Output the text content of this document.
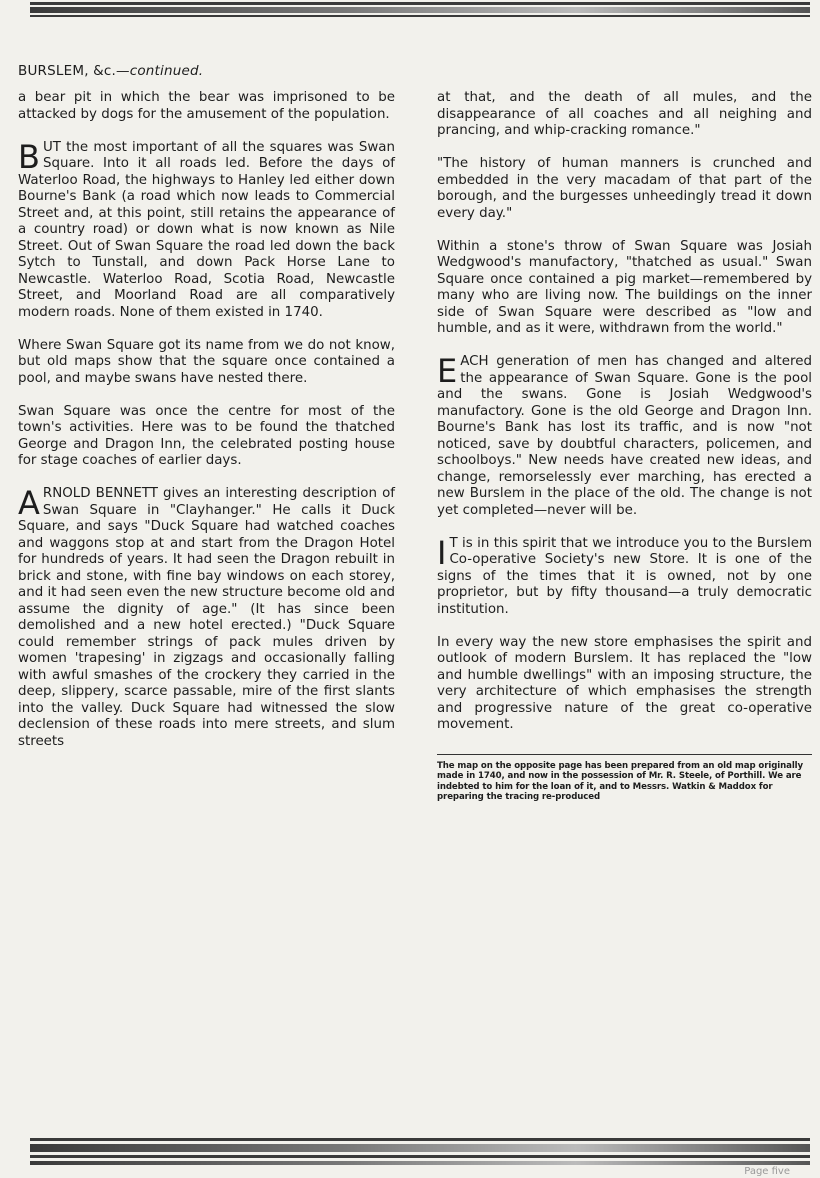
BURSLEM, &c.—continued.

a bear pit in which the bear was imprisoned to be attacked by dogs for the amusement of the population.

BUT the most important of all the squares was Swan Square. Into it all roads led. Before the days of Waterloo Road, the highways to Hanley led either down Bourne's Bank (a road which now leads to Commercial Street and, at this point, still retains the appearance of a country road) or down what is now known as Nile Street. Out of Swan Square the road led down the back Sytch to Tunstall, and down Pack Horse Lane to Newcastle. Waterloo Road, Scotia Road, Newcastle Street, and Moorland Road are all comparatively modern roads. None of them existed in 1740.

Where Swan Square got its name from we do not know, but old maps show that the square once contained a pool, and maybe swans have nested there.

Swan Square was once the centre for most of the town's activities. Here was to be found the thatched George and Dragon Inn, the celebrated posting house for stage coaches of earlier days.

ARNOLD BENNETT gives an interesting description of Swan Square in "Clayhanger." He calls it Duck Square, and says "Duck Square had watched coaches and waggons stop at and start from the Dragon Hotel for hundreds of years. It had seen the Dragon rebuilt in brick and stone, with fine bay windows on each storey, and it had seen even the new structure become old and assume the dignity of age." (It has since been demolished and a new hotel erected.) "Duck Square could remember strings of pack mules driven by women 'trapesing' in zigzags and occasionally falling with awful smashes of the crockery they carried in the deep, slippery, scarce passable, mire of the first slants into the valley. Duck Square had witnessed the slow declension of these roads into mere streets, and slum streets

at that, and the death of all mules, and the disappearance of all coaches and all neighing and prancing, and whip-cracking romance."

"The history of human manners is crunched and embedded in the very macadam of that part of the borough, and the burgesses unheedingly tread it down every day."

Within a stone's throw of Swan Square was Josiah Wedgwood's manufactory, "thatched as usual." Swan Square once contained a pig market—remembered by many who are living now. The buildings on the inner side of Swan Square were described as "low and humble, and as it were, withdrawn from the world."

EACH generation of men has changed and altered the appearance of Swan Square. Gone is the pool and the swans. Gone is Josiah Wedgwood's manufactory. Gone is the old George and Dragon Inn. Bourne's Bank has lost its traffic, and is now "not noticed, save by doubtful characters, policemen, and schoolboys." New needs have created new ideas, and change, remorselessly ever marching, has erected a new Burslem in the place of the old. The change is not yet completed—never will be.

I T is in this spirit that we introduce you to the Burslem Co-operative Society's new Store. It is one of the signs of the times that it is owned, not by one proprietor, but by fifty thousand—a truly democratic institution.

In every way the new store emphasises the spirit and outlook of modern Burslem. It has replaced the "low and humble dwellings" with an imposing structure, the very architecture of which emphasises the strength and progressive nature of the great co-operative movement.

The map on the opposite page has been prepared from an old map originally made in 1740, and now in the possession of Mr. R. Steele, of Porthill. We are indebted to him for the loan of it, and to Messrs. Watkin & Maddox for preparing the tracing re-produced
Page five
